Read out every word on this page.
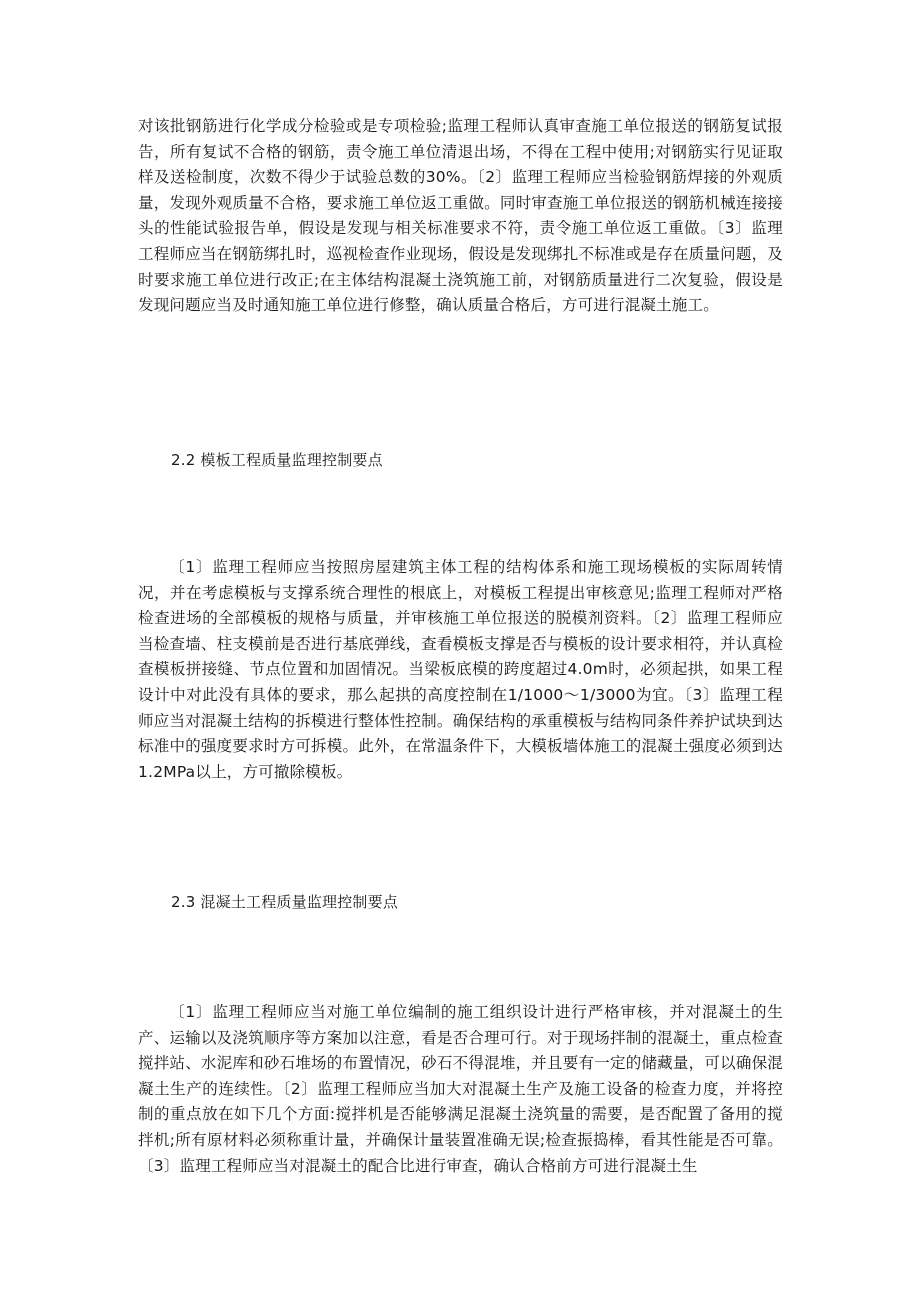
对该批钢筋进行化学成分检验或是专项检验;监理工程师认真审查施工单位报送的钢筋复试报告，所有复试不合格的钢筋，责令施工单位清退出场，不得在工程中使用;对钢筋实行见证取样及送检制度，次数不得少于试验总数的30%。〔2〕监理工程师应当检验钢筋焊接的外观质量，发现外观质量不合格，要求施工单位返工重做。同时审查施工单位报送的钢筋机械连接接头的性能试验报告单，假设是发现与相关标准要求不符，责令施工单位返工重做。〔3〕监理工程师应当在钢筋绑扎时，巡视检查作业现场，假设是发现绑扎不标准或是存在质量问题，及时要求施工单位进行改正;在主体结构混凝土浇筑施工前，对钢筋质量进行二次复验，假设是发现问题应当及时通知施工单位进行修整，确认质量合格后，方可进行混凝土施工。

2.2 模板工程质量监理控制要点

〔1〕监理工程师应当按照房屋建筑主体工程的结构体系和施工现场模板的实际周转情况，并在考虑模板与支撑系统合理性的根底上，对模板工程提出审核意见;监理工程师对严格检查进场的全部模板的规格与质量，并审核施工单位报送的脱模剂资料。〔2〕监理工程师应当检查墙、柱支模前是否进行基底弹线，查看模板支撑是否与模板的设计要求相符，并认真检查模板拼接缝、节点位置和加固情况。当梁板底模的跨度超过4.0m时，必须起拱，如果工程设计中对此没有具体的要求，那么起拱的高度控制在1/1000～1/3000为宜。〔3〕监理工程师应当对混凝土结构的拆模进行整体性控制。确保结构的承重模板与结构同条件养护试块到达标准中的强度要求时方可拆模。此外，在常温条件下，大模板墙体施工的混凝土强度必须到达1.2MPa以上，方可撤除模板。

2.3 混凝土工程质量监理控制要点

〔1〕监理工程师应当对施工单位编制的施工组织设计进行严格审核，并对混凝土的生产、运输以及浇筑顺序等方案加以注意，看是否合理可行。对于现场拌制的混凝土，重点检查搅拌站、水泥库和砂石堆场的布置情况，砂石不得混堆，并且要有一定的储藏量，可以确保混凝土生产的连续性。〔2〕监理工程师应当加大对混凝土生产及施工设备的检查力度，并将控制的重点放在如下几个方面:搅拌机是否能够满足混凝土浇筑量的需要，是否配置了备用的搅拌机;所有原材料必须称重计量，并确保计量装置准确无误;检查振捣棒，看其性能是否可靠。〔3〕监理工程师应当对混凝土的配合比进行审查，确认合格前方可进行混凝土生
